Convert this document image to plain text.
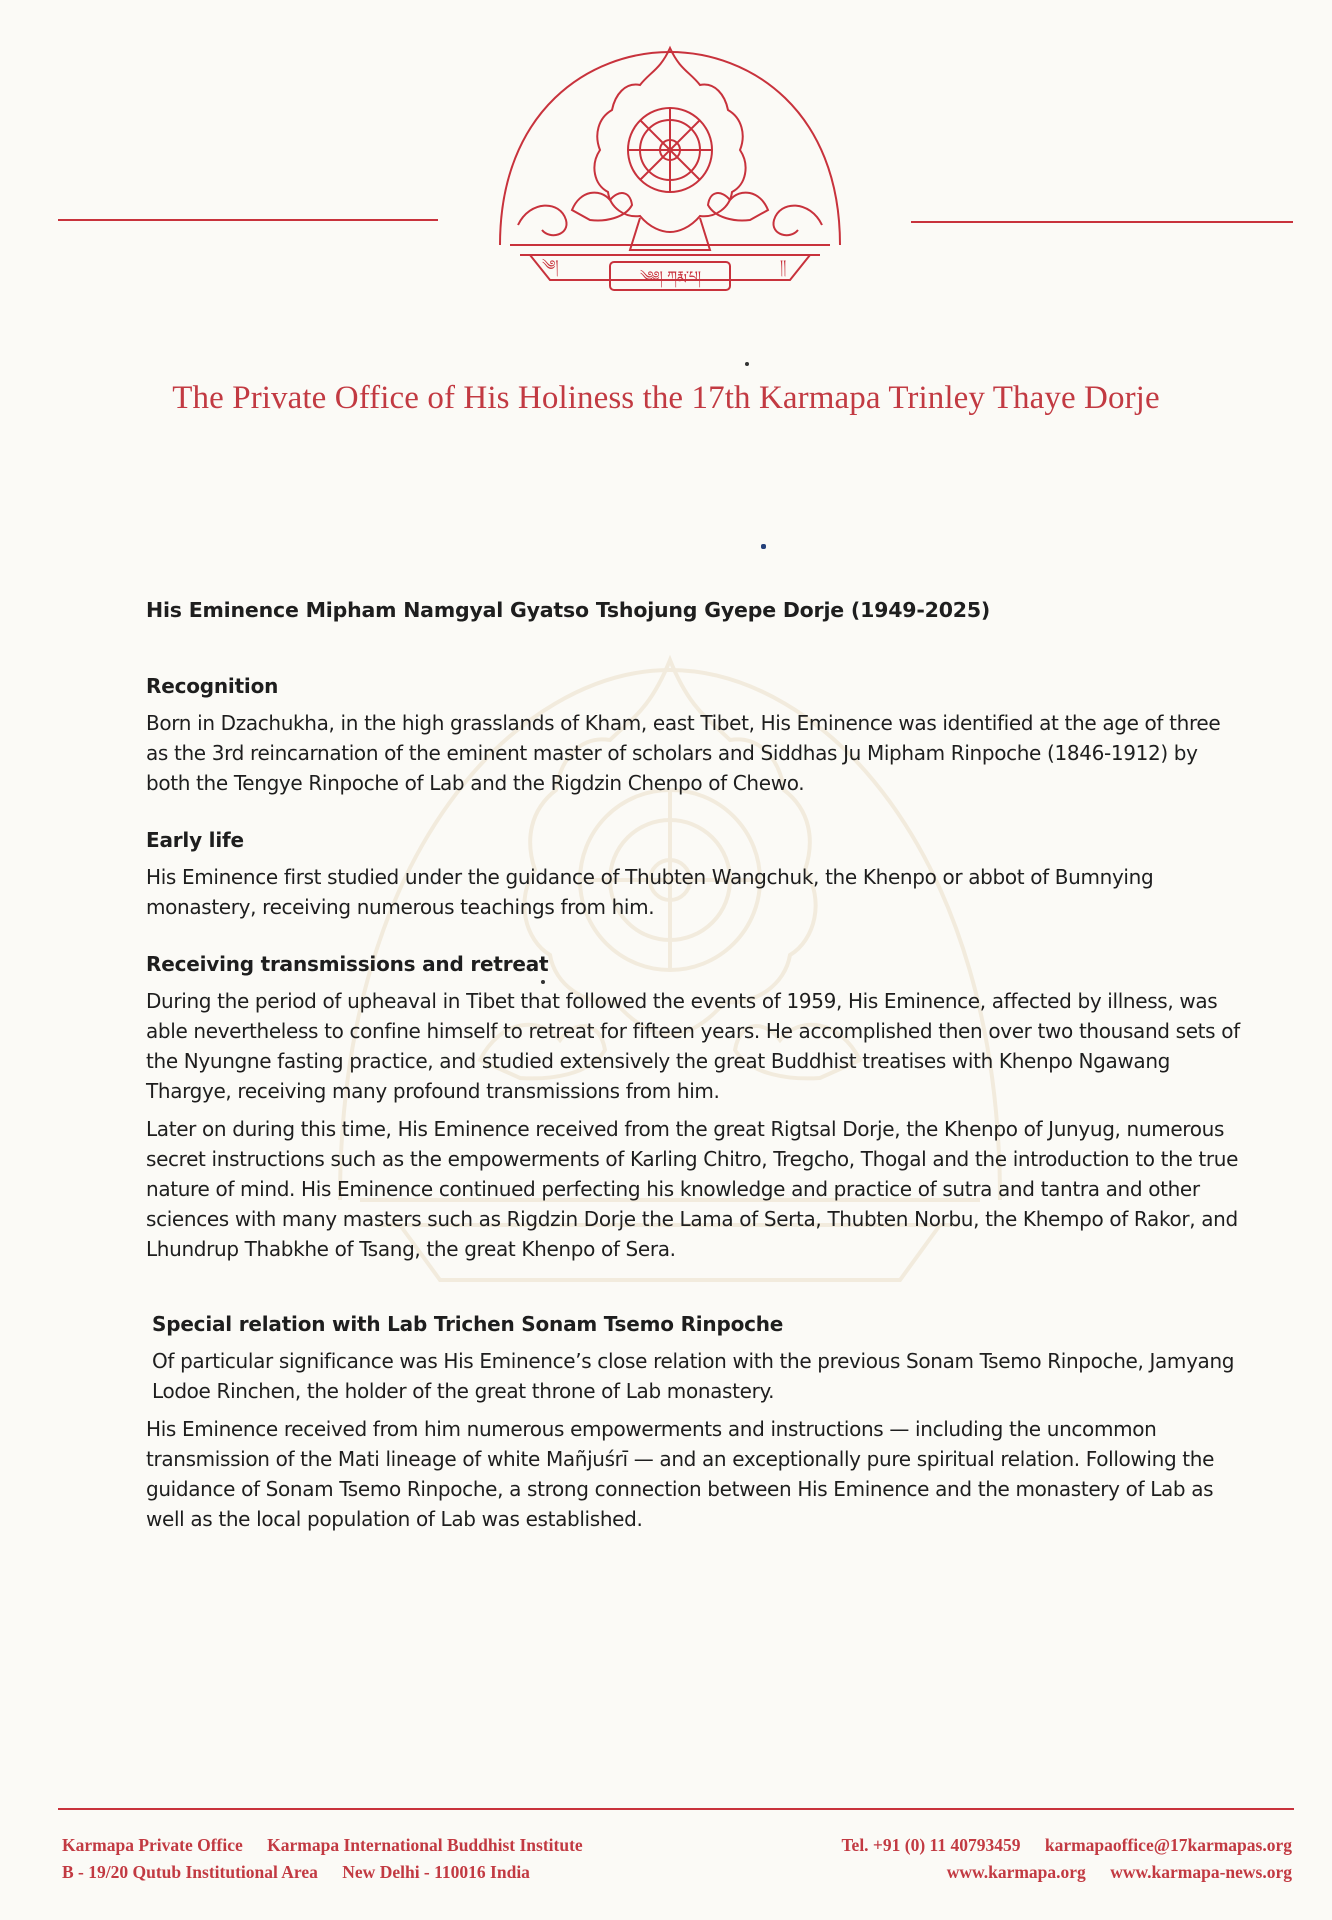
༄༅། ཀརྨ་པ།
༄།	།།
The Private Office of His Holiness the 17th Karmapa Trinley Thaye Dorje
His Eminence Mipham Namgyal Gyatso Tshojung Gyepe Dorje (1949-2025)
Recognition

Born in Dzachukha, in the high grasslands of Kham, east Tibet, His Eminence was identified at the age of three as the 3rd reincarnation of the eminent master of scholars and Siddhas Ju Mipham Rinpoche (1846-1912) by both the Tengye Rinpoche of Lab and the Rigdzin Chenpo of Chewo.

Early life

His Eminence first studied under the guidance of Thubten Wangchuk, the Khenpo or abbot of Bumnying monastery, receiving numerous teachings from him.

Receiving transmissions and retreat

During the period of upheaval in Tibet that followed the events of 1959, His Eminence, affected by illness, was able nevertheless to confine himself to retreat for fifteen years. He accomplished then over two thousand sets of the Nyungne fasting practice, and studied extensively the great Buddhist treatises with Khenpo Ngawang Thargye, receiving many profound transmissions from him.

Later on during this time, His Eminence received from the great Rigtsal Dorje, the Khenpo of Junyug, numerous secret instructions such as the empowerments of Karling Chitro, Tregcho, Thogal and the introduction to the true nature of mind. His Eminence continued perfecting his knowledge and practice of sutra and tantra and other sciences with many masters such as Rigdzin Dorje the Lama of Serta, Thubten Norbu, the Khempo of Rakor, and Lhundrup Thabkhe of Tsang, the great Khenpo of Sera.

Special relation with Lab Trichen Sonam Tsemo Rinpoche

Of particular significance was His Eminence’s close relation with the previous Sonam Tsemo Rinpoche, Jamyang Lodoe Rinchen, the holder of the great throne of Lab monastery.

His Eminence received from him numerous empowerments and instructions — including the uncommon transmission of the Mati lineage of white Mañjuśrī — and an exceptionally pure spiritual relation. Following the guidance of Sonam Tsemo Rinpoche, a strong connection between His Eminence and the monastery of Lab as well as the local population of Lab was established.

Karmapa Private Office Karmapa International Buddhist Institute
B - 19/20 Qutub Institutional Area New Delhi - 110016 India
Tel. +91 (0) 11 40793459 karmapaoffice@17karmapas.org
www.karmapa.org www.karmapa-news.org
